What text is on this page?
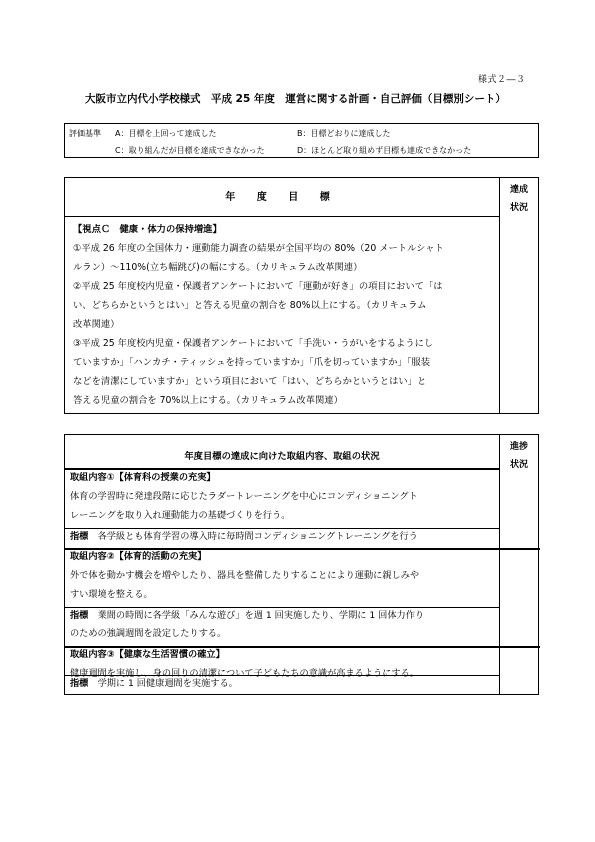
様式２―３
大阪市立内代小学校様式　平成 25 年度　運営に関する計画・自己評価（目標別シート）
評価基準 A：目標を上回って達成した	B：目標どおりに達成した
C：取り組んだが目標を達成できなかった	D：ほとんど取り組めず目標も達成できなかった
年 度 目 標
達成
状況
【視点Ｃ　健康・体力の保持増進】
①平成 26 年度の全国体力・運動能力調査の結果が全国平均の 80%（20 メートルシャト
ルラン）～110%(立ち幅跳び)の幅にする。（カリキュラム改革関連）
②平成 25 年度校内児童・保護者アンケートにおいて「運動が好き」の項目において「は
い、どちらかというとはい」と答える児童の割合を 80%以上にする。（カリキュラム
改革関連）
③平成 25 年度校内児童・保護者アンケートにおいて「手洗い・うがいをするようにし
ていますか」「ハンカチ・ティッシュを持っていますか」「爪を切っていますか」「服装
などを清潔にしていますか」という項目において「はい、どちらかというとはい」と
答える児童の割合を 70%以上にする。（カリキュラム改革関連）
年度目標の達成に向けた取組内容、取組の状況
進捗
状況
取組内容①【体育科の授業の充実】
体育の学習時に発達段階に応じたラダートレーニングを中心にコンディショニングト
レーニングを取り入れ運動能力の基礎づくりを行う。
指標　 各学級とも体育学習の導入時に毎時間コンディショニングトレーニングを行う
取組内容②【体育的活動の充実】
外で体を動かす機会を増やしたり、器具を整備したりすることにより運動に親しみや
すい環境を整える。
指標　 業間の時間に各学級「みんな遊び」を週 1 回実施したり、学期に 1 回体力作り
のための強調週間を設定したりする。
取組内容③【健康な生活習慣の確立】
健康週間を実施し、身の回りの清潔について子どもたちの意識が高まるようにする。
指標　 学期に 1 回健康週間を実施する。
